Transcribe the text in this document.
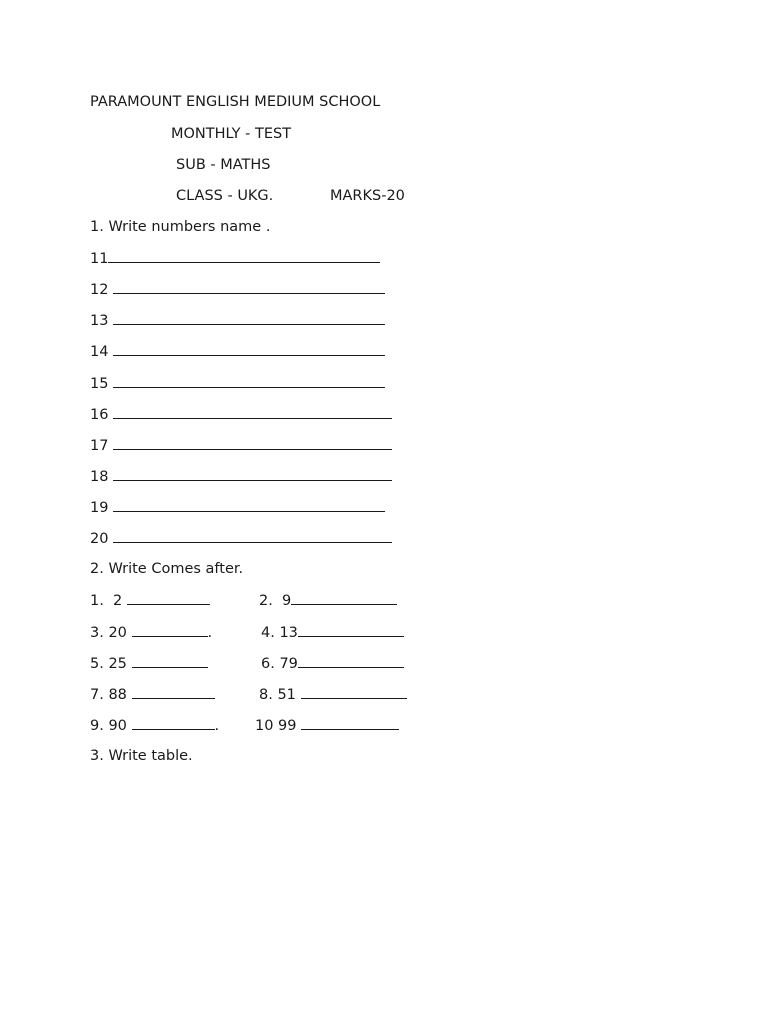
PARAMOUNT ENGLISH MEDIUM SCHOOL
MONTHLY - TEST
SUB - MATHS
CLASS - UKG.	MARKS-20
1. Write numbers name .
11
12
13
14
15
16
17
18
19
20
2. Write Comes after.
1.  2	2.  9
3. 20	.	4. 13
5. 25	6. 79
7. 88	8. 51
9. 90	. 10 99
3. Write table.
